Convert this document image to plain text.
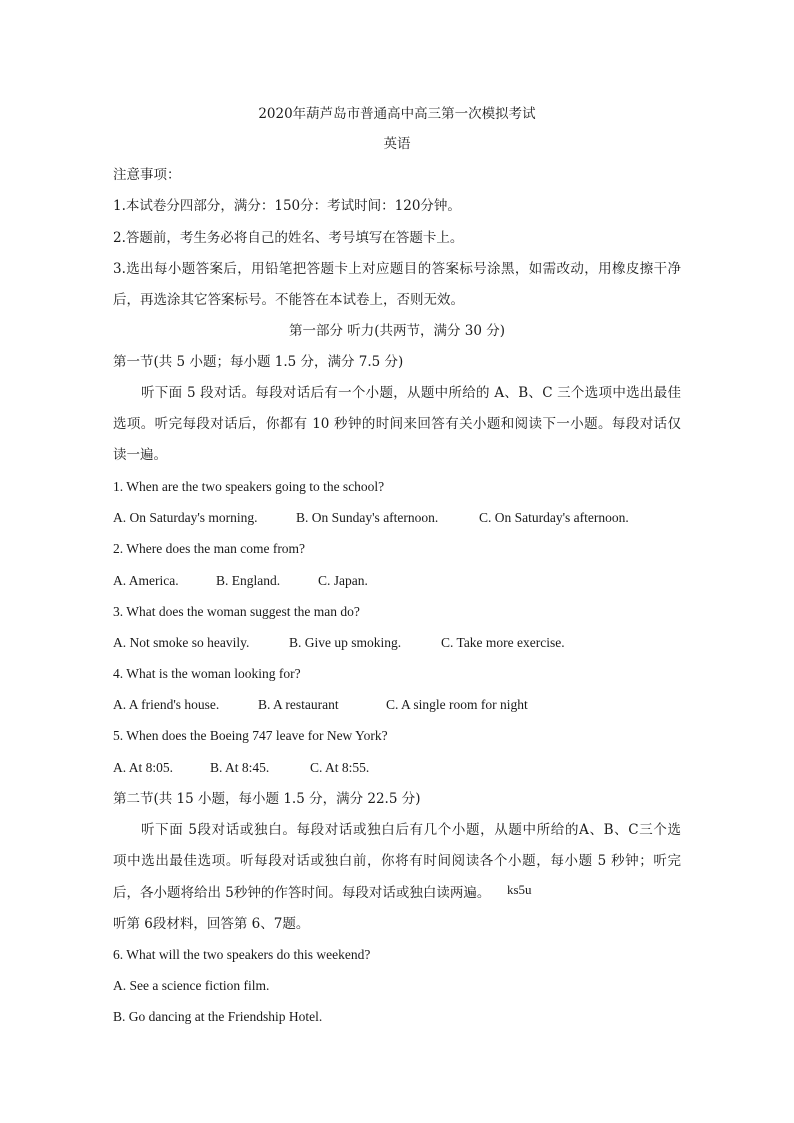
2020年葫芦岛市普通高中高三第一次模拟考试
英语
注意事项：
1.本试卷分四部分，满分：150分：考试时间：120分钟。
2.答题前，考生务必将自己的姓名、考号填写在答题卡上。
3.选出每小题答案后，用铅笔把答题卡上对应题目的答案标号涂黑，如需改动，用橡皮擦干净
后，再选涂其它答案标号。不能答在本试卷上，否则无效。
第一部分 听力(共两节，满分 30 分)
第一节(共 5 小题；每小题 1.5 分，满分 7.5 分)
听下面 5 段对话。每段对话后有一个小题，从题中所给的 A、B、C 三个选项中选出最佳
选项。听完每段对话后，你都有 10 秒钟的时间来回答有关小题和阅读下一小题。每段对话仅
读一遍。
1. When are the two speakers going to the school?
A. On Saturday's morning.	B. On Sunday's afternoon.	C. On Saturday's afternoon.
2. Where does the man come from?
A. America.	B. England.	C. Japan.
3. What does the woman suggest the man do?
A. Not smoke so heavily.	B. Give up smoking.	C. Take more exercise.
4. What is the woman looking for?
A. A friend's house.	B. A restaurant	C. A single room for night
5. When does the Boeing 747 leave for New York?
A. At 8:05.	B. At 8:45.	C. At 8:55.
第二节(共 15 小题，每小题 1.5 分，满分 22.5 分)
听下面 5段对话或独白。每段对话或独白后有几个小题，从题中所给的A、B、C三个选
项中选出最佳选项。听每段对话或独白前，你将有时间阅读各个小题，每小题 5 秒钟；听完
后，各小题将给出 5秒钟的作答时间。每段对话或独白读两遍。	ks5u
听第 6段材料，回答第 6、7题。
6. What will the two speakers do this weekend?
A. See a science fiction film.
B. Go dancing at the Friendship Hotel.
